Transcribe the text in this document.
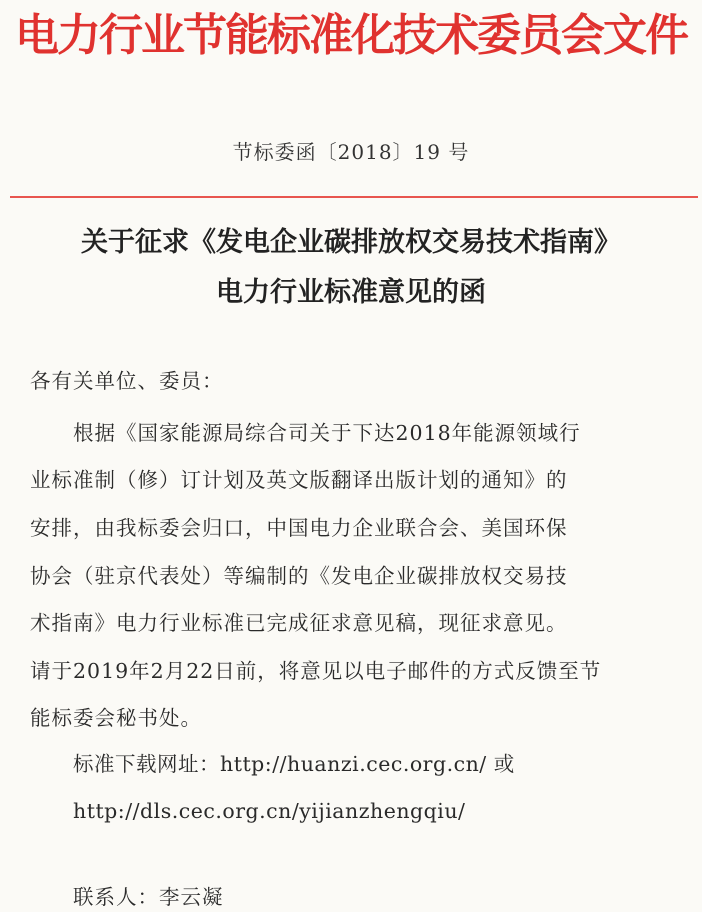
电力行业节能标准化技术委员会文件
节标委函〔2018〕19 号
关于征求《发电企业碳排放权交易技术指南》
电力行业标准意见的函
各有关单位、委员：
根据《国家能源局综合司关于下达2018年能源领域行
业标准制（修）订计划及英文版翻译出版计划的通知》的
安排，由我标委会归口，中国电力企业联合会、美国环保
协会（驻京代表处）等编制的《发电企业碳排放权交易技
术指南》电力行业标准已完成征求意见稿，现征求意见。
请于2019年2月22日前，将意见以电子邮件的方式反馈至节
能标委会秘书处。
标准下载网址：http://huanzi.cec.org.cn/ 或
http://dls.cec.org.cn/yijianzhengqiu/
联系人：李云凝
